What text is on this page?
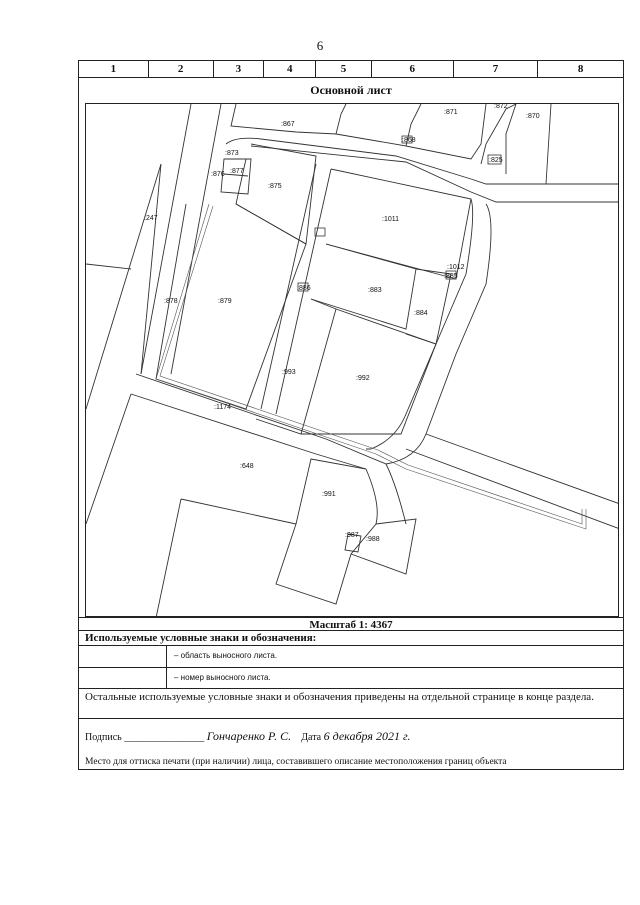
6
1	2	3	4	5	6	7	8
Основной лист
:871
:872
:870
:867
:868
:825
:873
:877
:876
:875
:1011
:247
:1012
:885
:878	:879
:886	:883
:884
:993
:992
:1174
:648
:991
:987
:988
Масштаб 1: 4367
Используемые условные знаки и обозначения:
– область выносного листа.
– номер выносного листа.
Остальные используемые условные знаки и обозначения приведены на отдельной странице в конце раздела.
Подпись ________________ Гончаренко Р. С. Дата 6 декабря 2021 г.
Место для оттиска печати (при наличии) лица, составившего описание местоположения границ объекта
